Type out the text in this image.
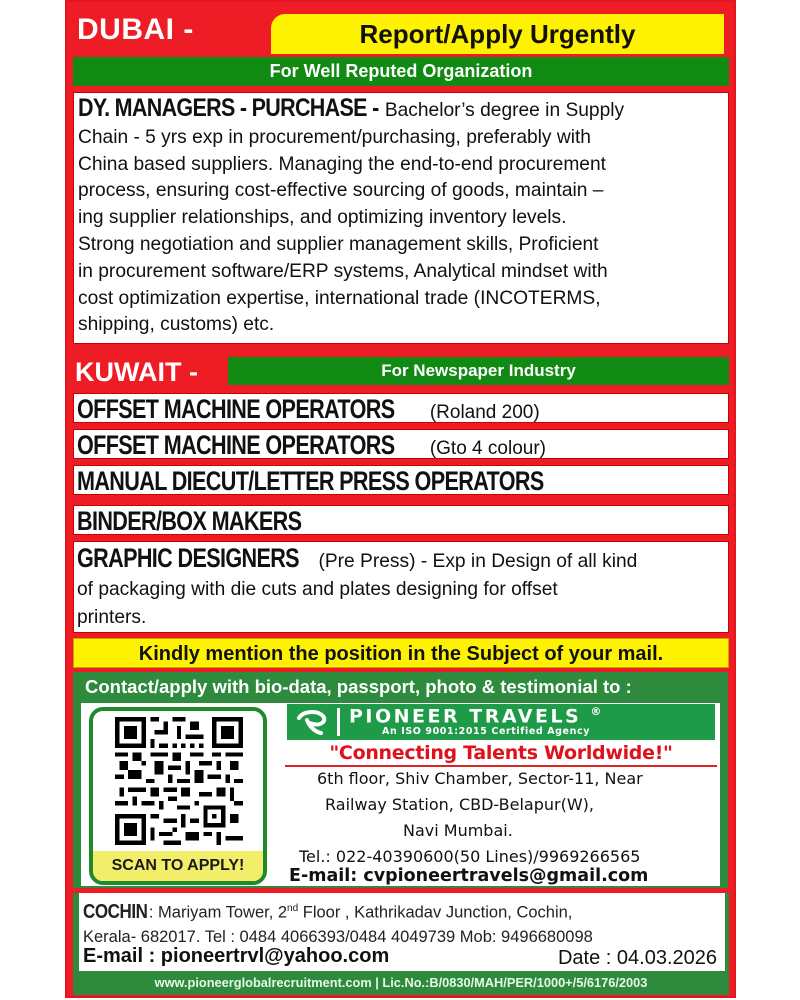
DUBAI -	Report/Apply Urgently
For Well Reputed Organization
DY. MANAGERS - PURCHASE - Bachelor’s degree in Supply
Chain - 5 yrs exp in procurement/purchasing, preferably with
China based suppliers. Managing the end-to-end procurement
process, ensuring cost-effective sourcing of goods, maintain –
ing supplier relationships, and optimizing inventory levels.
Strong negotiation and supplier management skills, Proficient
in procurement software/ERP systems, Analytical mindset with
cost optimization expertise, international trade (INCOTERMS,
shipping, customs) etc.
KUWAIT -	For Newspaper Industry
OFFSET MACHINE OPERATORS (Roland 200)
OFFSET MACHINE OPERATORS (Gto 4 colour)
MANUAL DIECUT/LETTER PRESS OPERATORS
BINDER/BOX MAKERS
GRAPHIC DESIGNERS (Pre Press) - Exp in Design of all kind
of packaging with die cuts and plates designing for offset
printers.
Kindly mention the position in the Subject of your mail.
Contact/apply with bio-data, passport, photo & testimonial to :
SCAN TO APPLY!
PIONEER TRAVELS ®
An ISO 9001:2015 Certified Agency
"Connecting Talents Worldwide!"
6th floor, Shiv Chamber, Sector-11, Near
Railway Station, CBD-Belapur(W),
Navi Mumbai.
Tel.: 022-40390600(50 Lines)/9969266565
E-mail: cvpioneertravels@gmail.com
COCHIN: Mariyam Tower, 2nd Floor , Kathrikadav Junction, Cochin,
Kerala- 682017. Tel : 0484 4066393/0484 4049739 Mob: 9496680098
E-mail : pioneertrvl@yahoo.com	Date : 04.03.2026
www.pioneerglobalrecruitment.com | Lic.No.:B/0830/MAH/PER/1000+/5/6176/2003
